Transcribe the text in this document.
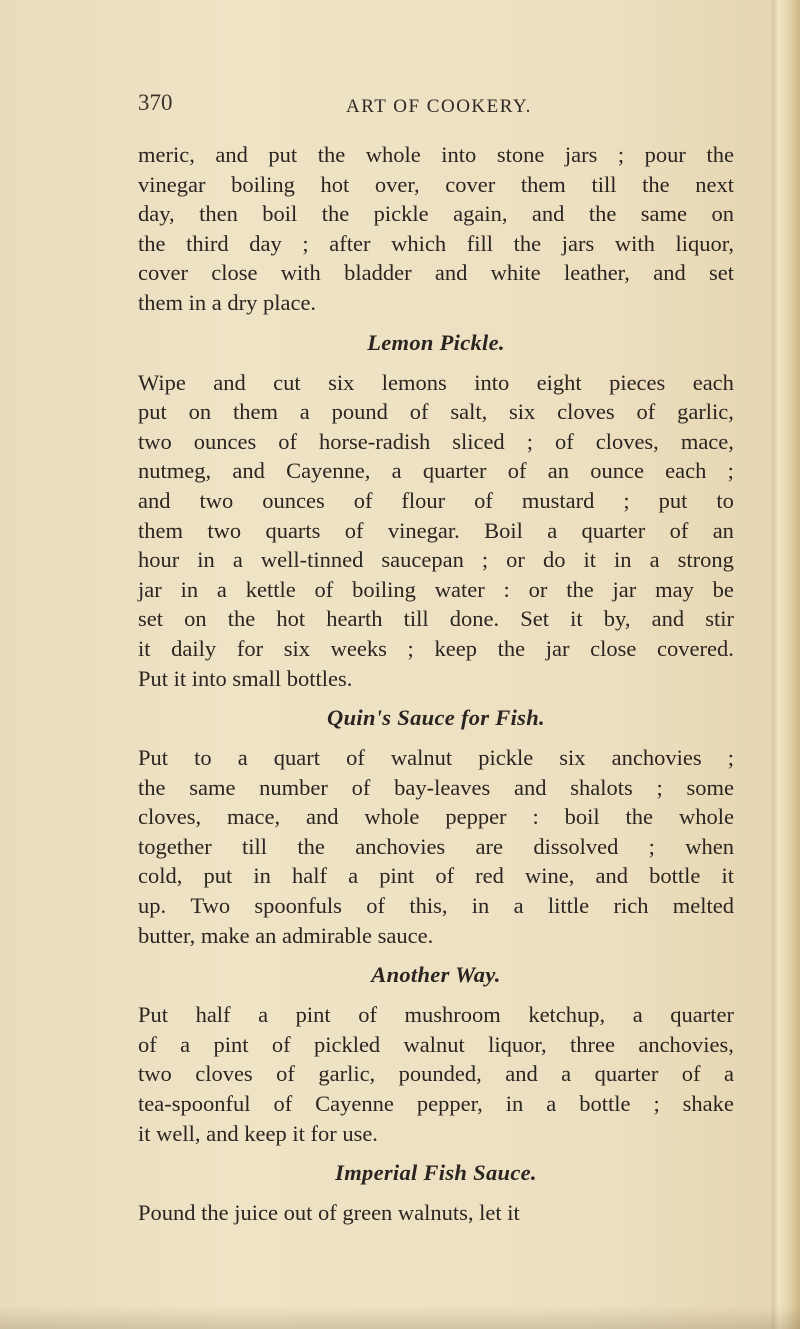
370	ART OF COOKERY.
meric, and put the whole into stone jars ; pour the
vinegar boiling hot over, cover them till the next
day, then boil the pickle again, and the same on
the third day ; after which fill the jars with liquor,
cover close with bladder and white leather, and set
them in a dry place.
Lemon Pickle.
Wipe and cut six lemons into eight pieces each
put on them a pound of salt, six cloves of garlic,
two ounces of horse-radish sliced ; of cloves, mace,
nutmeg, and Cayenne, a quarter of an ounce each ;
and two ounces of flour of mustard ; put to
them two quarts of vinegar. Boil a quarter of an
hour in a well-tinned saucepan ; or do it in a strong
jar in a kettle of boiling water : or the jar may be
set on the hot hearth till done. Set it by, and stir
it daily for six weeks ; keep the jar close covered.
Put it into small bottles.
Quin's Sauce for Fish.
Put to a quart of walnut pickle six anchovies ;
the same number of bay-leaves and shalots ; some
cloves, mace, and whole pepper : boil the whole
together till the anchovies are dissolved ; when
cold, put in half a pint of red wine, and bottle it
up. Two spoonfuls of this, in a little rich melted
butter, make an admirable sauce.
Another Way.
Put half a pint of mushroom ketchup, a quarter
of a pint of pickled walnut liquor, three anchovies,
two cloves of garlic, pounded, and a quarter of a
tea-spoonful of Cayenne pepper, in a bottle ; shake
it well, and keep it for use.
Imperial Fish Sauce.
Pound the juice out of green walnuts, let it
